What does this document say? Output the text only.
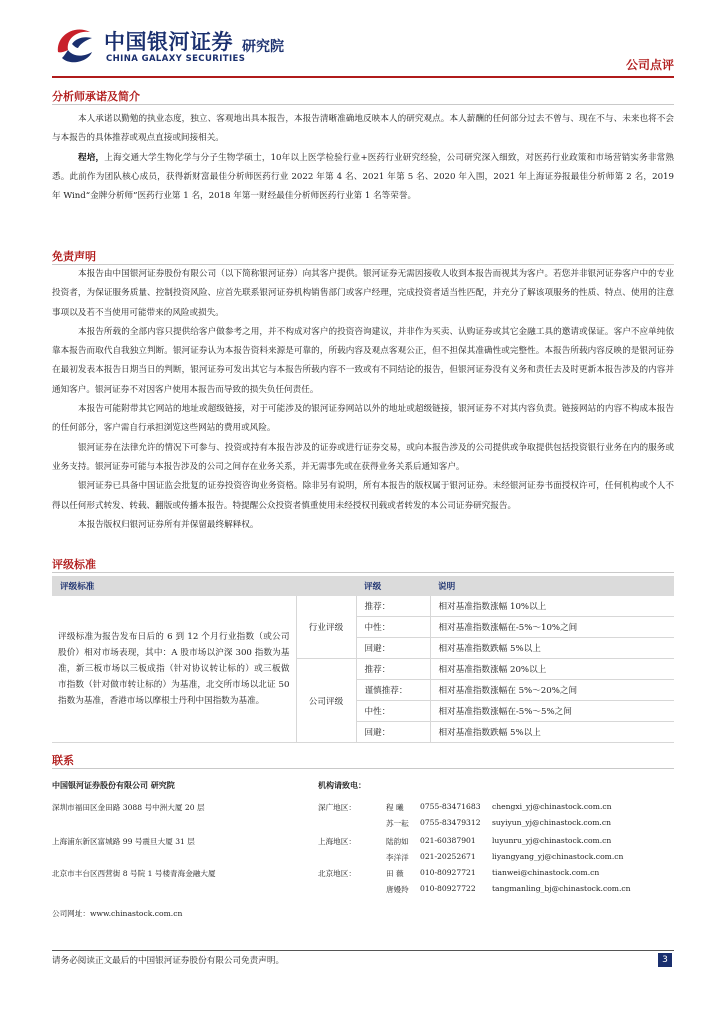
中国银河证券
CHINA GALAXY SECURITIES
研究院
公司点评
分析师承诺及简介

本人承诺以勤勉的执业态度，独立、客观地出具本报告，本报告清晰准确地反映本人的研究观点。本人薪酬的任何部分过去不曾与、现在不与、未来也将不会与本报告的具体推荐或观点直接或间接相关。

程培，上海交通大学生物化学与分子生物学硕士，10年以上医学检验行业+医药行业研究经验，公司研究深入细致，对医药行业政策和市场营销实务非常熟悉。此前作为团队核心成员，获得新财富最佳分析师医药行业 2022 年第 4 名、2021 年第 5 名、2020 年入围，2021 年上海证券报最佳分析师第 2 名，2019 年 Wind“金牌分析师”医药行业第 1 名，2018 年第一财经最佳分析师医药行业第 1 名等荣誉。

免责声明

本报告由中国银河证券股份有限公司（以下简称银河证券）向其客户提供。银河证券无需因接收人收到本报告而视其为客户。若您并非银河证券客户中的专业投资者，为保证服务质量、控制投资风险、应首先联系银河证券机构销售部门或客户经理，完成投资者适当性匹配，并充分了解该项服务的性质、特点、使用的注意事项以及若不当使用可能带来的风险或损失。

本报告所载的全部内容只提供给客户做参考之用，并不构成对客户的投资咨询建议，并非作为买卖、认购证券或其它金融工具的邀请或保证。客户不应单纯依靠本报告而取代自我独立判断。银河证券认为本报告资料来源是可靠的，所载内容及观点客观公正，但不担保其准确性或完整性。本报告所载内容反映的是银河证券在最初发表本报告日期当日的判断，银河证券可发出其它与本报告所载内容不一致或有不同结论的报告，但银河证券没有义务和责任去及时更新本报告涉及的内容并通知客户。银河证券不对因客户使用本报告而导致的损失负任何责任。

本报告可能附带其它网站的地址或超级链接，对于可能涉及的银河证券网站以外的地址或超级链接，银河证券不对其内容负责。链接网站的内容不构成本报告的任何部分，客户需自行承担浏览这些网站的费用或风险。

银河证券在法律允许的情况下可参与、投资或持有本报告涉及的证券或进行证券交易，或向本报告涉及的公司提供或争取提供包括投资银行业务在内的服务或业务支持。银河证券可能与本报告涉及的公司之间存在业务关系，并无需事先或在获得业务关系后通知客户。

银河证券已具备中国证监会批复的证券投资咨询业务资格。除非另有说明，所有本报告的版权属于银河证券。未经银河证券书面授权许可，任何机构或个人不得以任何形式转发、转载、翻版或传播本报告。特提醒公众投资者慎重使用未经授权刊载或者转发的本公司证券研究报告。

本报告版权归银河证券所有并保留最终解释权。

评级标准
评级标准		评级	说明
评级标准为报告发布日后的 6 到 12 个月行业指数（或公司股价）相对市场表现，其中：A 股市场以沪深 300 指数为基准，新三板市场以三板成指（针对协议转让标的）或三板做市指数（针对做市转让标的）为基准，北交所市场以北证 50 指数为基准，香港市场以摩根士丹利中国指数为基准。	行业评级	推荐：	相对基准指数涨幅 10%以上
		中性：	相对基准指数涨幅在-5%～10%之间
		回避：	相对基准指数跌幅 5%以上
	公司评级	推荐：	相对基准指数涨幅 20%以上
		谨慎推荐：	相对基准指数涨幅在 5%～20%之间
		中性：	相对基准指数涨幅在-5%～5%之间
		回避：	相对基准指数跌幅 5%以上
联系
中国银河证券股份有限公司 研究院	机构请致电：
深圳市福田区金田路 3088 号中洲大厦 20 层	深广地区：	程 曦 0755-83471683 chengxi_yj@chinastock.com.cn
苏一耘 0755-83479312 suyiyun_yj@chinastock.com.cn
上海浦东新区富城路 99 号震旦大厦 31 层	上海地区：	陆韵如 021-60387901 luyunru_yj@chinastock.com.cn
李洋洋 021-20252671 liyangyang_yj@chinastock.com.cn
北京市丰台区西营街 8 号院 1 号楼青海金融大厦	北京地区：	田 薇 010-80927721 tianwei@chinastock.com.cn
唐嫚羚 010-80927722 tangmanling_bj@chinastock.com.cn
公司网址：www.chinastock.com.cn
请务必阅读正文最后的中国银河证券股份有限公司免责声明。	3
